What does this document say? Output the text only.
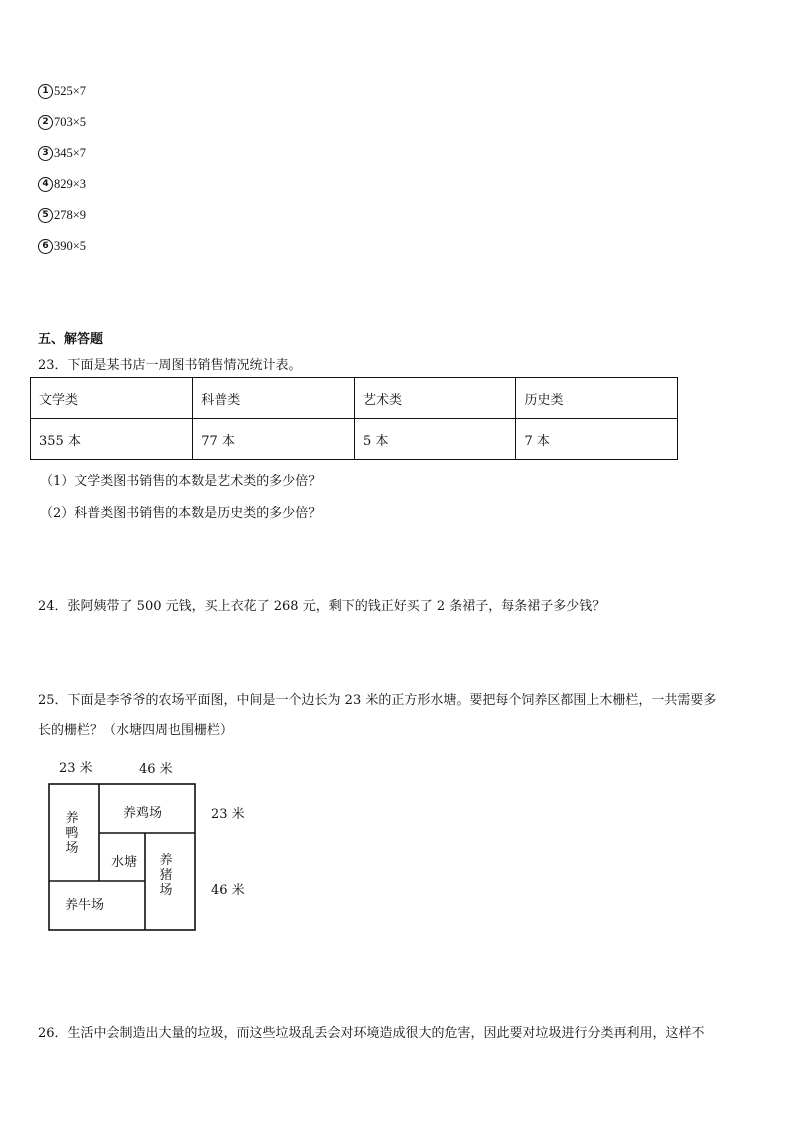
1 525×7
2 703×5
3 345×7
4 829×3
5 278×9
6 390×5
五、解答题
23．下面是某书店一周图书销售情况统计表。
文学类	科普类	艺术类	历史类
355 本	77 本	5 本	7 本
（1）文学类图书销售的本数是艺术类的多少倍？
（2）科普类图书销售的本数是历史类的多少倍？
24．张阿姨带了 500 元钱，买上衣花了 268 元，剩下的钱正好买了 2 条裙子，每条裙子多少钱？
25．下面是李爷爷的农场平面图，中间是一个边长为 23 米的正方形水塘。要把每个饲养区都围上木栅栏，一共需要多
长的栅栏？（水塘四周也围栅栏）
23 米	46 米
23 米
46 米
养鸭场
养鸡场
水塘 养猪场
养牛场
26．生活中会制造出大量的垃圾，而这些垃圾乱丢会对环境造成很大的危害，因此要对垃圾进行分类再利用，这样不
